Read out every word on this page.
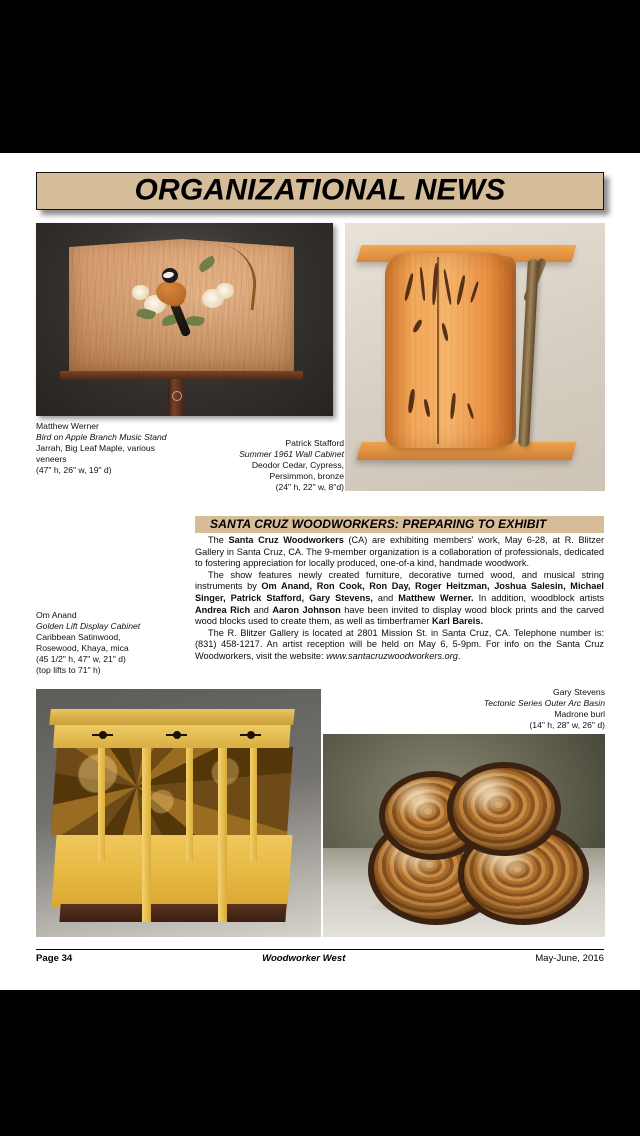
ORGANIZATIONAL NEWS
Matthew Werner
Bird on Apple Branch Music Stand
Jarrah, Big Leaf Maple, various
veneers
(47" h, 26" w, 19" d)
Patrick Stafford
Summer 1961 Wall Cabinet
Deodor Cedar, Cypress,
Persimmon, bronze
(24" h, 22" w, 8"d)
SANTA CRUZ WOODWORKERS: PREPARING TO EXHIBIT

The Santa Cruz Woodworkers (CA) are exhibiting members' work, May 6-28, at R. Blitzer Gallery in Santa Cruz, CA. The 9-member organization is a collaboration of professionals, dedicated to fostering appreciation for locally produced, one-of-a kind, handmade woodwork.

The show features newly created furniture, decorative turned wood, and musical string instruments by Om Anand, Ron Cook, Ron Day, Roger Heitzman, Joshua Salesin, Michael Singer, Patrick Stafford, Gary Stevens, and Matthew Werner. In addition, woodblock artists Andrea Rich and Aaron Johnson have been invited to display wood block prints and the carved wood blocks used to create them, as well as timberframer Karl Bareis.

The R. Blitzer Gallery is located at 2801 Mission St. in Santa Cruz, CA. Telephone number is: (831) 458-1217. An artist reception will be held on May 6, 5-9pm. For info on the Santa Cruz Woodworkers, visit the website: www.santacruzwoodworkers.org.

Om Anand
Golden Lift Display Cabinet
Caribbean Satinwood,
Rosewood, Khaya, mica
(45 1/2" h, 47" w, 21" d)
(top lifts to 71" h)
Gary Stevens
Tectonic Series Outer Arc Basin
Madrone burl
(14" h, 28" w, 26" d)
Page 34	Woodworker West	May-June, 2016
